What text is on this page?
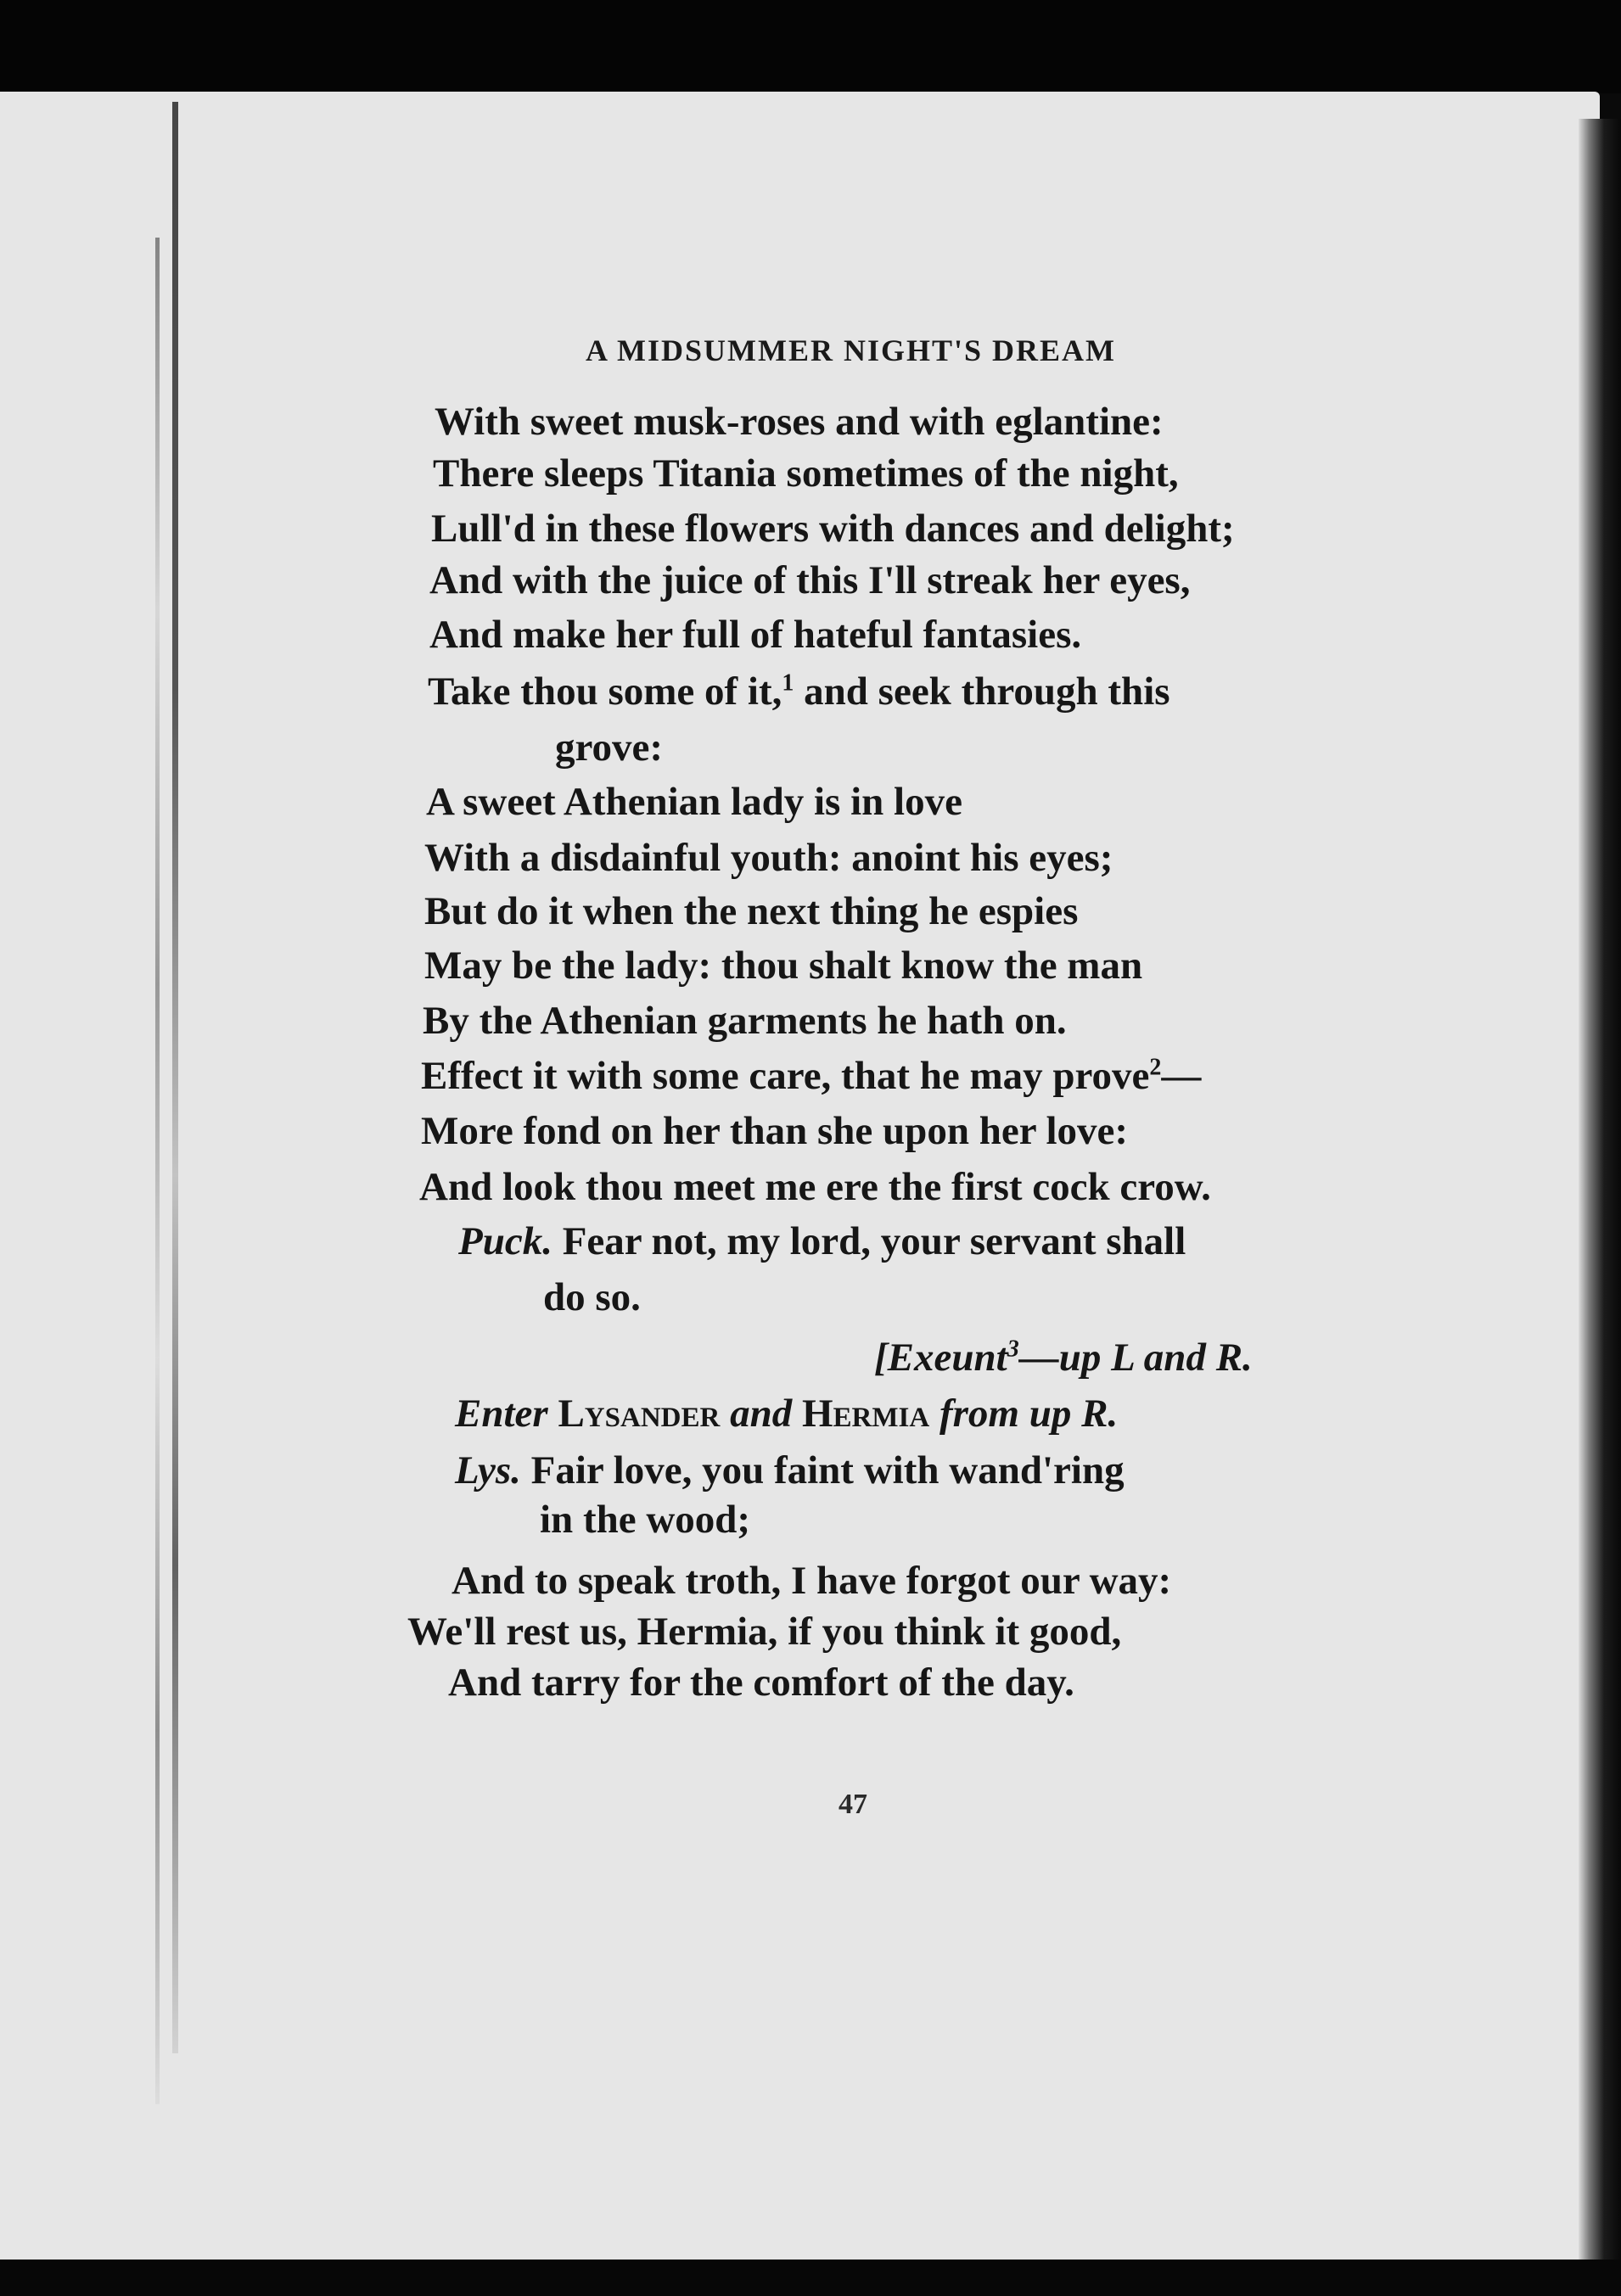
A MIDSUMMER NIGHT'S DREAM
With sweet musk-roses and with eglantine:
There sleeps Titania sometimes of the night,
Lull'd in these flowers with dances and delight;
And with the juice of this I'll streak her eyes,
And make her full of hateful fantasies.
Take thou some of it,$^1$ and seek through this
grove:
A sweet Athenian lady is in love
With a disdainful youth: anoint his eyes;
But do it when the next thing he espies
May be the lady: thou shalt know the man
By the Athenian garments he hath on.
Effect it with some care, that he may prove$^2$—
More fond on her than she upon her love:
And look thou meet me ere the first cock crow.
Puck. Fear not, my lord, your servant shall
do so.
[Exeunt$^3$—up L and R.
Enter Lysander and Hermia from up R.
Lys. Fair love, you faint with wand'ring
in the wood;
And to speak troth, I have forgot our way:
We'll rest us, Hermia, if you think it good,
And tarry for the comfort of the day.
47
